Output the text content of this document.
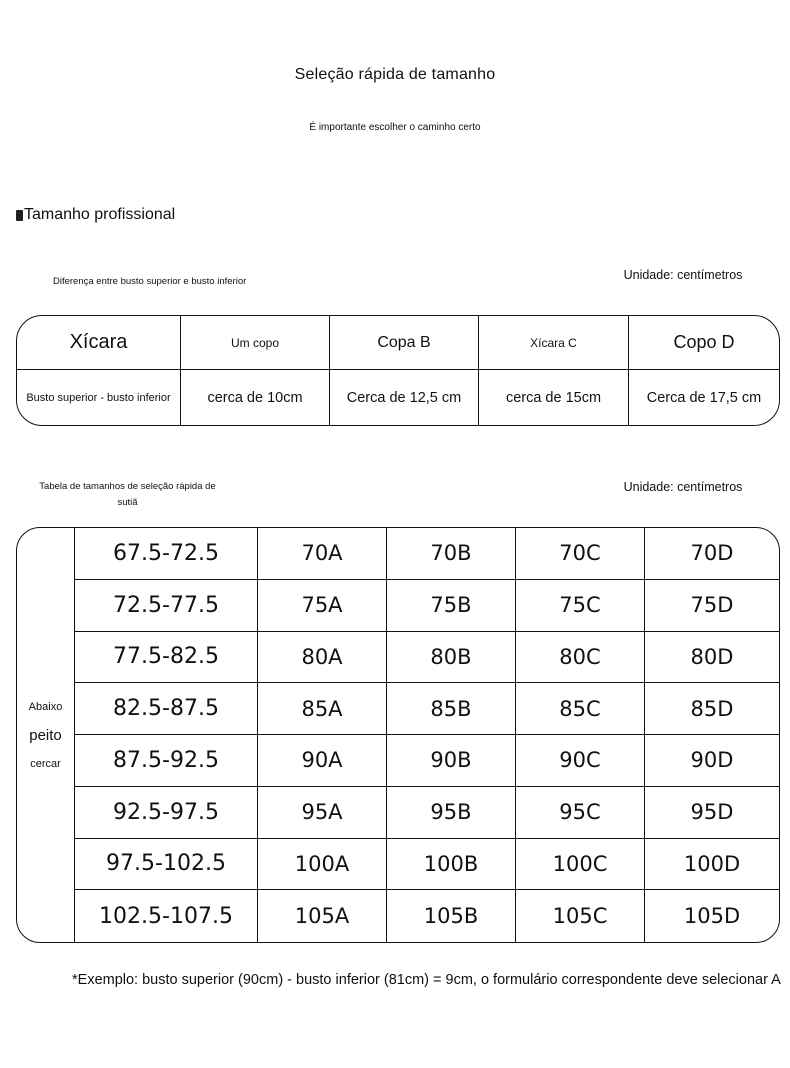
Seleção rápida de tamanho
É importante escolher o caminho certo
Tamanho profissional
Diferença entre busto superior e busto inferior	Unidade: centímetros
Xícara	Um copo	Copa B	Xícara C	Copo D
Busto superior - busto inferior	cerca de 10cm	Cerca de 12,5 cm	cerca de 15cm	Cerca de 17,5 cm
Tabela de tamanhos de seleção rápida de sutiã
Unidade: centímetros
Abaixo
peito
cercar
67.5-72.5	70A	70B	70C	70D
72.5-77.5	75A	75B	75C	75D
77.5-82.5	80A	80B	80C	80D
82.5-87.5	85A	85B	85C	85D
87.5-92.5	90A	90B	90C	90D
92.5-97.5	95A	95B	95C	95D
97.5-102.5	100A	100B	100C	100D
102.5-107.5	105A	105B	105C	105D
*Exemplo: busto superior (90cm) - busto inferior (81cm) = 9cm, o formulário correspondente deve selecionar A
